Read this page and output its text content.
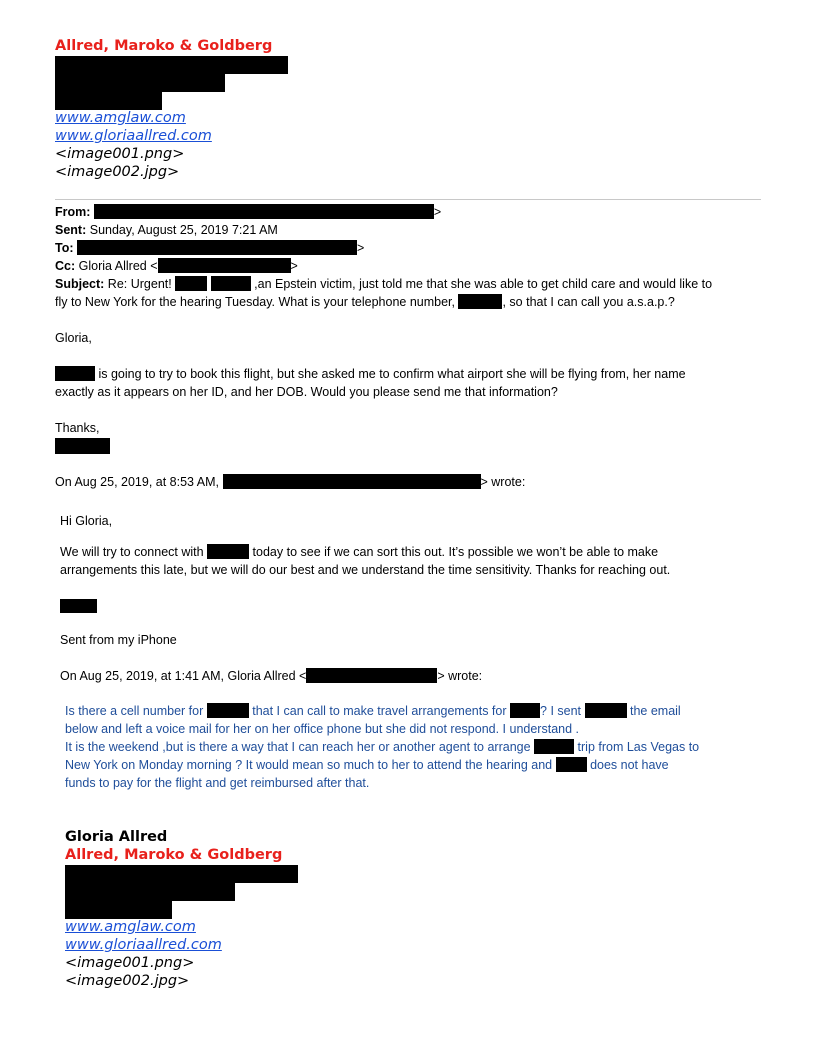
Allred, Maroko & Goldberg
www.amglaw.com
www.gloriaallred.com
<image001.png>
<image002.jpg>
From:	>
Sent: Sunday, August 25, 2019 7:21 AM
To:	>
Cc: Gloria Allred <	>
Subject: Re: Urgent!	,an Epstein victim, just told me that she was able to get child care and would like to
fly to New York for the hearing Tuesday. What is your telephone number,	, so that I can call you a.s.a.p.?
Gloria,
is going to try to book this flight, but she asked me to confirm what airport she will be flying from, her name
exactly as it appears on her ID, and her DOB. Would you please send me that information?
Thanks,
On Aug 25, 2019, at 8:53 AM,	> wrote:
Hi Gloria,
We will try to connect with	today to see if we can sort this out. It’s possible we won’t be able to make
arrangements this late, but we will do our best and we understand the time sensitivity. Thanks for reaching out.
Sent from my iPhone
On Aug 25, 2019, at 1:41 AM, Gloria Allred <	> wrote:
Is there a cell number for	that I can call to make travel arrangements for	? I sent	the email
below and left a voice mail for her on her office phone but she did not respond. I understand .
It is the weekend ,but is there a way that I can reach her or another agent to arrange	trip from Las Vegas to
New York on Monday morning ? It would mean so much to her to attend the hearing and	does not have
funds to pay for the flight and get reimbursed after that.
Gloria Allred
Allred, Maroko & Goldberg
www.amglaw.com
www.gloriaallred.com
<image001.png>
<image002.jpg>
